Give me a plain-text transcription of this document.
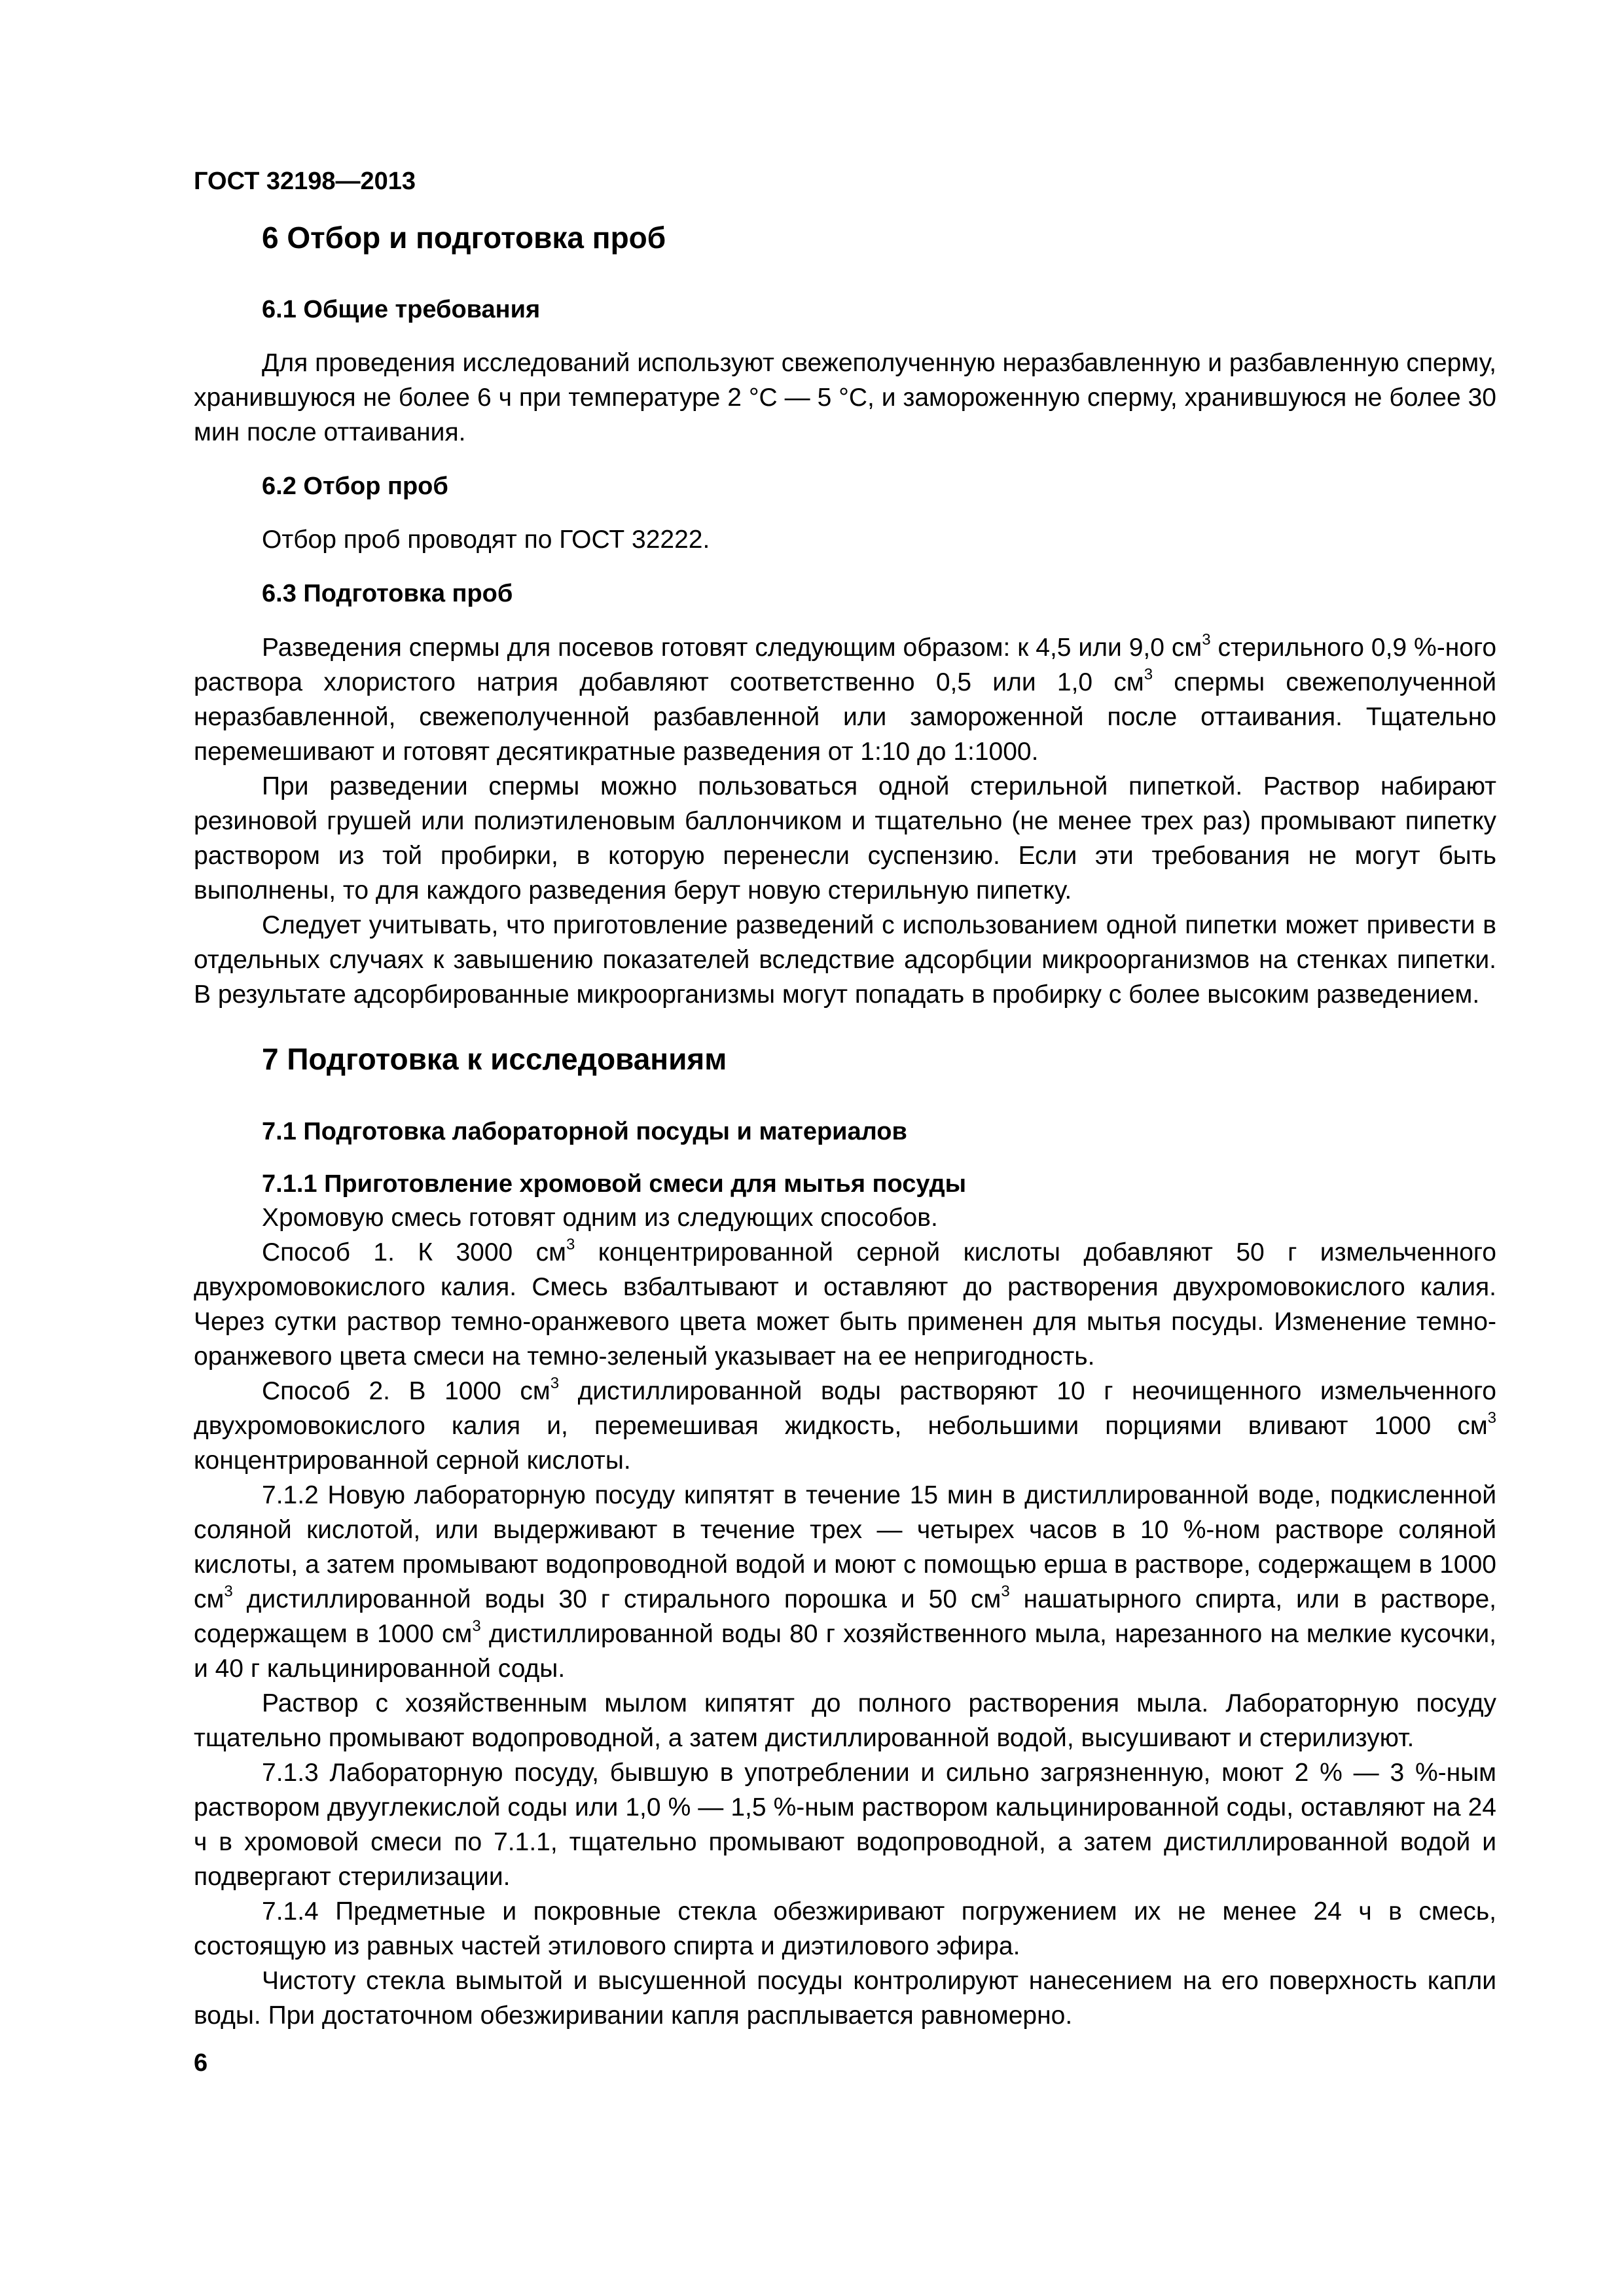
ГОСТ 32198—2013
6 Отбор и подготовка проб
6.1 Общие требования

Для проведения исследований используют свежеполученную неразбавленную и разбавленную сперму, хранившуюся не более 6 ч при температуре 2 °С — 5 °С, и замороженную сперму, хранившуюся не более 30 мин после оттаивания.

6.2 Отбор проб

Отбор проб проводят по ГОСТ 32222.

6.3 Подготовка проб

Разведения спермы для посевов готовят следующим образом: к 4,5 или 9,0 $см^3$ стерильного 0,9 %-ного раствора хлористого натрия добавляют соответственно 0,5 или 1,0 $см^3$ спермы свежеполученной неразбавленной, свежеполученной разбавленной или замороженной после оттаивания. Тщательно перемешивают и готовят десятикратные разведения от 1:10 до 1:1000.

При разведении спермы можно пользоваться одной стерильной пипеткой. Раствор набирают резиновой грушей или полиэтиленовым баллончиком и тщательно (не менее трех раз) промывают пипетку раствором из той пробирки, в которую перенесли суспензию. Если эти требования не могут быть выполнены, то для каждого разведения берут новую стерильную пипетку.

Следует учитывать, что приготовление разведений с использованием одной пипетки может привести в отдельных случаях к завышению показателей вследствие адсорбции микроорганизмов на стенках пипетки. В результате адсорбированные микроорганизмы могут попадать в пробирку с более высоким разведением.

7 Подготовка к исследованиям
7.1 Подготовка лабораторной посуды и материалов
7.1.1 Приготовление хромовой смеси для мытья посуды

Хромовую смесь готовят одним из следующих способов.

Способ 1. К 3000 $см^3$ концентрированной серной кислоты добавляют 50 г измельченного двухромовокислого калия. Смесь взбалтывают и оставляют до растворения двухромовокислого калия. Через сутки раствор темно-оранжевого цвета может быть применен для мытья посуды. Изменение темно-оранжевого цвета смеси на темно-зеленый указывает на ее непригодность.

Способ 2. В 1000 $см^3$ дистиллированной воды растворяют 10 г неочищенного измельченного двухромовокислого калия и, перемешивая жидкость, небольшими порциями вливают 1000 $см^3$ концентрированной серной кислоты.

7.1.2 Новую лабораторную посуду кипятят в течение 15 мин в дистиллированной воде, подкисленной соляной кислотой, или выдерживают в течение трех — четырех часов в 10 %-ном растворе соляной кислоты, а затем промывают водопроводной водой и моют с помощью ерша в растворе, содержащем в 1000 $см^3$ дистиллированной воды 30 г стирального порошка и 50 $см^3$ нашатырного спирта, или в растворе, содержащем в 1000 $см^3$ дистиллированной воды 80 г хозяйственного мыла, нарезанного на мелкие кусочки, и 40 г кальцинированной соды.

Раствор с хозяйственным мылом кипятят до полного растворения мыла. Лабораторную посуду тщательно промывают водопроводной, а затем дистиллированной водой, высушивают и стерилизуют.

7.1.3 Лабораторную посуду, бывшую в употреблении и сильно загрязненную, моют 2 % — 3 %-ным раствором двууглекислой соды или 1,0 % — 1,5 %-ным раствором кальцинированной соды, оставляют на 24 ч в хромовой смеси по 7.1.1, тщательно промывают водопроводной, а затем дистиллированной водой и подвергают стерилизации.

7.1.4 Предметные и покровные стекла обезжиривают погружением их не менее 24 ч в смесь, состоящую из равных частей этилового спирта и диэтилового эфира.

Чистоту стекла вымытой и высушенной посуды контролируют нанесением на его поверхность капли воды. При достаточном обезжиривании капля расплывается равномерно.

6
